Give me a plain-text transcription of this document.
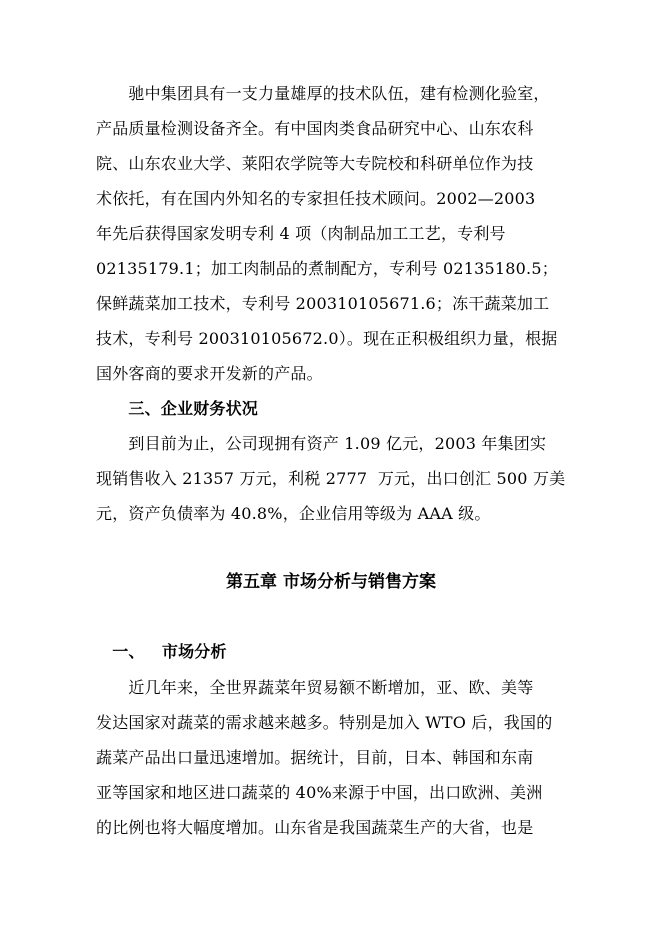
　　驰中集团具有一支力量雄厚的技术队伍，建有检测化验室，
产品质量检测设备齐全。有中国肉类食品研究中心、山东农科
院、山东农业大学、莱阳农学院等大专院校和科研单位作为技
术依托，有在国内外知名的专家担任技术顾问。2002—2003
年先后获得国家发明专利 4 项（肉制品加工工艺，专利号
02135179.1；加工肉制品的煮制配方，专利号 02135180.5；
保鲜蔬菜加工技术，专利号 200310105671.6；冻干蔬菜加工
技术，专利号 200310105672.0）。现在正积极组织力量，根据
国外客商的要求开发新的产品。
　　三、企业财务状况
　　到目前为止，公司现拥有资产 1.09 亿元，2003 年集团实
现销售收入 21357 万元，利税 2777  万元，出口创汇 500 万美
元，资产负债率为 40.8%，企业信用等级为 AAA 级。
第五章 市场分析与销售方案
　一、   市场分析
　　近几年来，全世界蔬菜年贸易额不断增加，亚、欧、美等
发达国家对蔬菜的需求越来越多。特别是加入 WTO 后，我国的
蔬菜产品出口量迅速增加。据统计，目前，日本、韩国和东南
亚等国家和地区进口蔬菜的 40%来源于中国，出口欧洲、美洲
的比例也将大幅度增加。山东省是我国蔬菜生产的大省，也是
